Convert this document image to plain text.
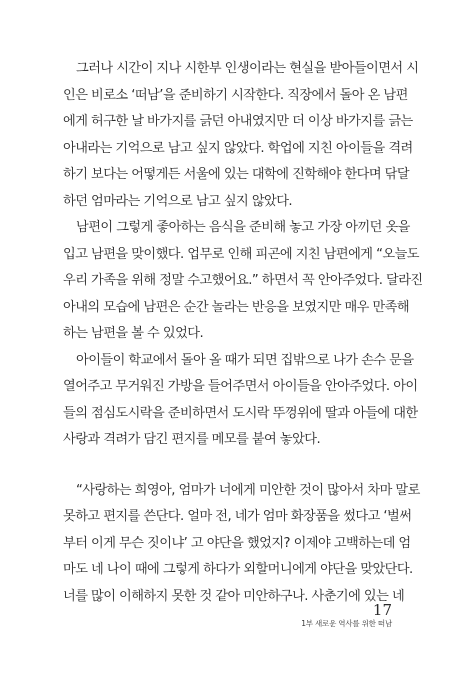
그러나 시간이 지나 시한부 인생이라는 현실을 받아들이면서 시
인은 비로소 ‘떠남’을 준비하기 시작한다. 직장에서 돌아 온 남편
에게 허구한 날 바가지를 긁던 아내였지만 더 이상 바가지를 긁는
아내라는 기억으로 남고 싶지 않았다. 학업에 지친 아이들을 격려
하기 보다는 어떻게든 서울에 있는 대학에 진학해야 한다며 닦달
하던 엄마라는 기억으로 남고 싶지 않았다.

남편이 그렇게 좋아하는 음식을 준비해 놓고 가장 아끼던 옷을
입고 남편을 맞이했다. 업무로 인해 피곤에 지친 남편에게 “오늘도
우리 가족을 위해 정말 수고했어요.” 하면서 꼭 안아주었다. 달라진
아내의 모습에 남편은 순간 놀라는 반응을 보였지만 매우 만족해
하는 남편을 볼 수 있었다.

아이들이 학교에서 돌아 올 때가 되면 집밖으로 나가 손수 문을
열어주고 무거워진 가방을 들어주면서 아이들을 안아주었다. 아이
들의 점심도시락을 준비하면서 도시락 뚜껑위에 딸과 아들에 대한
사랑과 격려가 담긴 편지를 메모를 붙여 놓았다.

“사랑하는 희영아, 엄마가 너에게 미안한 것이 많아서 차마 말로
못하고 편지를 쓴단다. 얼마 전, 네가 엄마 화장품을 썼다고 ‘벌써
부터 이게 무슨 짓이냐’ 고 야단을 했었지? 이제야 고백하는데 엄
마도 네 나이 때에 그렇게 하다가 외할머니에게 야단을 맞았단다.
너를 많이 이해하지 못한 것 같아 미안하구나. 사춘기에 있는 네

17
1부 새로운 역사를 위한 떠남
